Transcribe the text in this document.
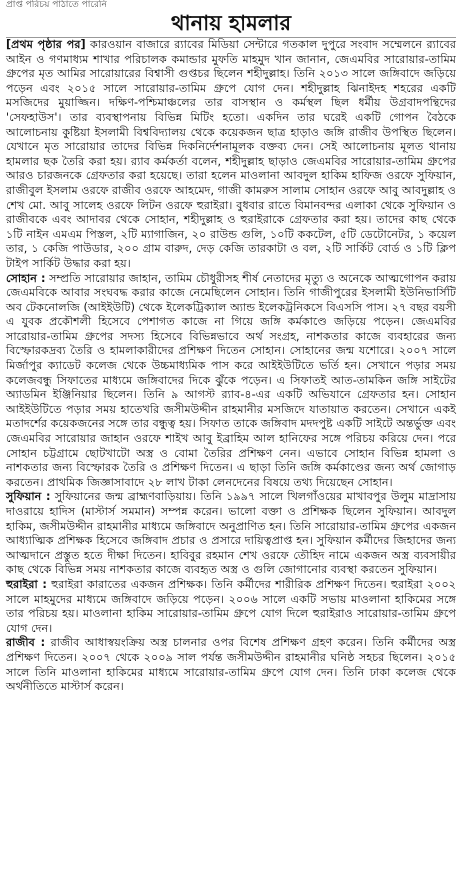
প্রাপ্ত পরিচয় পাঠাতে পারেনি
থানায় হামলার

[প্রথম পৃষ্ঠার পর] কারওয়ান বাজারে র‌্যাবের মিডিয়া সেন্টারে গতকাল দুপুরে সংবাদ সম্মেলনে র‌্যাবের আইন ও গণমাধ্যম শাখার পরিচালক কমান্ডার মুফতি মাহমুদ খান জানান, জেএমবির সারোয়ার-তামিম গ্রুপের মৃত আমির সারোয়ারের বিশ্বাসী গুপ্তচর ছিলেন শহীদুল্লাহ। তিনি ২০১৩ সালে জঙ্গিবাদে জড়িয়ে পড়েন এবং ২০১৫ সালে সারোয়ার-তামিম গ্রুপে যোগ দেন। শহীদুল্লাহ ঝিনাইদহ শহরের একটি মসজিদের মুয়াজ্জিন। দক্ষিণ-পশ্চিমাঞ্চলের তার বাসস্থান ও কর্মস্থল ছিল ধর্মীয় উগ্রবাদপন্থিদের 'সেফহাউস'। তার ব্যবস্থাপনায় বিভিন্ন মিটিং হতো। একদিন তার ঘরেই একটি গোপন বৈঠকে আলোচনায় কুষ্টিয়া ইসলামী বিশ্ববিদ্যালয় থেকে কয়েকজন ছাত্র হাড়াও জঙ্গি রাজীব উপস্থিত ছিলেন। যেখানে মৃত সারোয়ার তাদের বিভিন্ন দিকনির্দেশনামূলক বক্তব্য দেন। সেই আলোচনায় মূলত থানায় হামলার ছক তৈরি করা হয়। র‌্যাব কর্মকর্তা বলেন, শহীদুল্লাহ ছাড়াও জেএমবির সারোয়ার-তামিম গ্রুপের আরও চারজনকে গ্রেফতার করা হয়েছে। তারা হলেন মাওলানা আবদুল হাকিম হাফিজ ওরফে সুফিয়ান, রাজীবুল ইসলাম ওরফে রাজীব ওরফে আহমেদ, গাজী কামরুস সালাম সোহান ওরফে আবু আবদুল্লাহ ও শেখ মো. আবু সালেহ ওরফে লিটন ওরফে হুরাইরা। বুধবার রাতে বিমানবন্দর এলাকা থেকে সুফিয়ান ও রাজীবকে এবং আদাবর থেকে সোহান, শহীদুল্লাহ ও হুরাইরাকে গ্রেফতার করা হয়। তাদের কাছ থেকে ১টি নাইন এমএম পিস্তল, ২টি ম্যাগাজিন, ২০ রাউন্ড গুলি, ১০টি ককটেল, ৫টি ডেটোনেটর, ১ কয়েল তার, ১ কেজি পাউডার, ২০০ গ্রাম বারুদ, দেড় কেজি তারকাটা ও বল, ২টি সার্কিট বোর্ড ও ১টি ক্লিপ টাইপ সার্কিট উদ্ধার করা হয়।

সোহান : সম্প্রতি সারোয়ার জাহান, তামিম চৌধুরীসহ শীর্ষ নেতাদের মৃত্যু ও অনেকে আত্মগোপন করায় জেএমবিকে আবার সংঘবদ্ধ করার কাজে নেমেছিলেন সোহান। তিনি গাজীপুরের ইসলামী ইউনিভার্সিটি অব টেকনোলজি (আইইউটি) থেকে ইলেকট্রিক্যাল অ্যান্ড ইলেকট্রনিকসে বিএসসি পাস। ২৭ বছর বয়সী এ যুবক প্রকৌশলী হিসেবে পেশাগত কাজে না গিয়ে জঙ্গি কর্মকাণ্ডে জড়িয়ে পড়েন। জেএমবির সারোয়ার-তামিম গ্রুপের সদস্য হিসেবে বিভিন্নভাবে অর্থ সংগ্রহ, নাশকতার কাজে ব্যবহারের জন্য বিস্ফোরকদ্রব্য তৈরি ও হামলাকারীদের প্রশিক্ষণ দিতেন সোহান। সোহানের জন্ম যশোরে। ২০০৭ সালে মির্জাপুর ক্যাডেট কলেজ থেকে উচ্চমাধ্যমিক পাস করে আইইউটিতে ভর্তি হন। সেখানে পড়ার সময় কলেজবন্ধু সিফাতের মাধ্যমে জঙ্গিবাদের দিকে ঝুঁকে পড়েন। এ সিফাতই আত-তামকিন জঙ্গি সাইটের অ্যাডমিন ইঞ্জিনিয়ার ছিলেন। তিনি ৯ আগস্ট র‌্যাব-৪-এর একটি অভিযানে গ্রেফতার হন। সোহান আইইউটিতে পড়ার সময় হাতেখরি জসীমউদ্দীন রাহমানীর মসজিদে যাতায়াত করতেন। সেখানে একই মতাদর্শের কয়েকজনের সঙ্গে তার বন্ধুত্ব হয়। সিফাত তাকে জঙ্গিবাদ মদদপুষ্ট একটি সাইটে অন্তর্ভুক্ত এবং জেএমবির সারোয়ার জাহান ওরফে শাইখ আবু ইব্রাহিম আল হানিফের সঙ্গে পরিচয় করিয়ে দেন। পরে সোহান চট্টগ্রামে ছোটখাটো অস্ত্র ও বোমা তৈরির প্রশিক্ষণ নেন। এভাবে সোহান বিভিন্ন হামলা ও নাশকতার জন্য বিস্ফোরক তৈরি ও প্রশিক্ষণ দিতেন। এ ছাড়া তিনি জঙ্গি কর্মকাণ্ডের জন্য অর্থ জোগাড় করতেন। প্রাথমিক জিজ্ঞাসাবাদে ২৮ লাখ টাকা লেনদেনের বিষয়ে তথ্য দিয়েছেন সোহান।

সুফিয়ান : সুফিয়ানের জন্ম ব্রাহ্মণবাড়িয়ায়। তিনি ১৯৯৭ সালে খিলগাঁওয়ের মাখাবপুর উলুম মাদ্রাসায় দাওরায়ে হাদিস (মাস্টার্স সমমান) সম্পন্ন করেন। ভালো বক্তা ও প্রশিক্ষক ছিলেন সুফিয়ান। আবদুল হাকিম, জসীমউদ্দীন রাহমানীর মাধ্যমে জঙ্গিবাদে অনুপ্রাণিত হন। তিনি সারোয়ার-তামিম গ্রুপের একজন আধ্যাত্মিক প্রশিক্ষক হিসেবে জঙ্গিবাদ প্রচার ও প্রসারে দায়িত্বপ্রাপ্ত হন। সুফিয়ান কর্মীদের জিহাদের জন্য আত্মদানে প্রস্তুত হতে দীক্ষা দিতেন। হাবিবুর রহমান শেখ ওরফে তৌহিদ নামে একজন অস্ত্র ব্যবসায়ীর কাছ থেকে বিভিন্ন সময় নাশকতার কাজে ব্যবহৃত অস্ত্র ও গুলি জোগানোর ব্যবস্থা করতেন সুফিয়ান।

হুরাইরা : হুরাইরা কারাতের একজন প্রশিক্ষক। তিনি কর্মীদের শারীরিক প্রশিক্ষণ দিতেন। হুরাইরা ২০০২ সালে মাহমুদের মাধ্যমে জঙ্গিবাদে জড়িয়ে পড়েন। ২০০৬ সালে একটি সভায় মাওলানা হাকিমের সঙ্গে তার পরিচয় হয়। মাওলানা হাকিম সারোয়ার-তামিম গ্রুপে যোগ দিলে হুরাইরাও সারোয়ার-তামিম গ্রুপে যোগ দেন।

রাজীব : রাজীব আধাস্বয়ংক্রিয় অস্ত্র চালনার ওপর বিশেষ প্রশিক্ষণ গ্রহণ করেন। তিনি কর্মীদের অস্ত্র প্রশিক্ষণ দিতেন। ২০০৭ থেকে ২০০৯ সাল পর্যন্ত জসীমউদ্দীন রাহমানীর ঘনিষ্ঠ সহচর ছিলেন। ২০১৫ সালে তিনি মাওলানা হাকিমের মাধ্যমে সারোয়ার-তামিম গ্রুপে যোগ দেন। তিনি ঢাকা কলেজ থেকে অর্থনীতিতে মাস্টার্স করেন।
